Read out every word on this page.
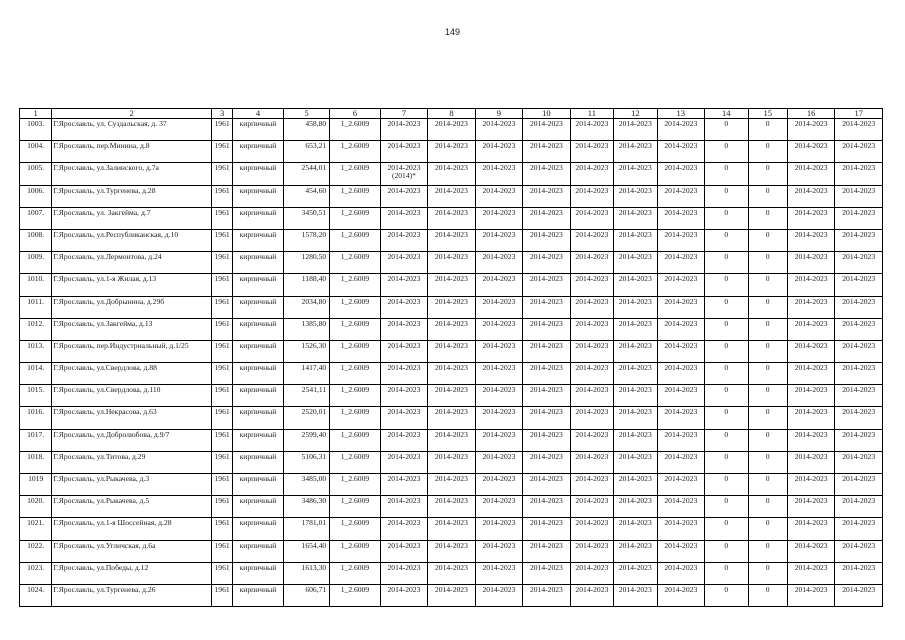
149
1	2	3	4	5	6	7	8	9	10	11	12	13	14	15	16	17
1003.	Г.Ярославль, ул. Суздальская, д. 37	1961	кирпичный	458,80	1_2.6009	2014-2023	2014-2023	2014-2023	2014-2023	2014-2023	2014-2023	2014-2023	0	0	2014-2023	2014-2023
1004.	Г.Ярославль, пер.Минина, д.8	1961	кирпичный	653,21	1_2.6009	2014-2023	2014-2023	2014-2023	2014-2023	2014-2023	2014-2023	2014-2023	0	0	2014-2023	2014-2023
1005.	Г.Ярославль, ул.Залинского, д.7а	1961	кирпичный	2544,01	1_2.6009	2014-2023
(2014)*	2014-2023	2014-2023	2014-2023	2014-2023	2014-2023	2014-2023	0	0	2014-2023	2014-2023
1006.	Г.Ярославль, ул.Тургенева, д.28	1961	кирпичный	454,60	1_2.6009	2014-2023	2014-2023	2014-2023	2014-2023	2014-2023	2014-2023	2014-2023	0	0	2014-2023	2014-2023
1007.	Г.Ярославль, ул. Закгейма, д.7	1961	кирпичный	3450,51	1_2.6009	2014-2023	2014-2023	2014-2023	2014-2023	2014-2023	2014-2023	2014-2023	0	0	2014-2023	2014-2023
1008.	Г.Ярославль, ул.Республиканская, д.10	1961	кирпичный	1578,20	1_2.6009	2014-2023	2014-2023	2014-2023	2014-2023	2014-2023	2014-2023	2014-2023	0	0	2014-2023	2014-2023
1009.	Г.Ярославль, ул.Лермонтова, д.24	1961	кирпичный	1280,50	1_2.6009	2014-2023	2014-2023	2014-2023	2014-2023	2014-2023	2014-2023	2014-2023	0	0	2014-2023	2014-2023
1010.	Г.Ярославль, ул.1-я Жилая, д.13	1961	кирпичный	1188,40	1_2.6009	2014-2023	2014-2023	2014-2023	2014-2023	2014-2023	2014-2023	2014-2023	0	0	2014-2023	2014-2023
1011.	Г.Ярославль, ул.Добрынина, д.29б	1961	кирпичный	2034,80	1_2.6009	2014-2023	2014-2023	2014-2023	2014-2023	2014-2023	2014-2023	2014-2023	0	0	2014-2023	2014-2023
1012.	Г.Ярославль, ул.Закгейма, д.13	1961	кирпичный	1385,80	1_2.6009	2014-2023	2014-2023	2014-2023	2014-2023	2014-2023	2014-2023	2014-2023	0	0	2014-2023	2014-2023
1013.	Г.Ярославль, пер.Индустриальный, д.1/25	1961	кирпичный	1526,30	1_2.6009	2014-2023	2014-2023	2014-2023	2014-2023	2014-2023	2014-2023	2014-2023	0	0	2014-2023	2014-2023
1014.	Г.Ярославль, ул.Свердлова, д.88	1961	кирпичный	1417,40	1_2.6009	2014-2023	2014-2023	2014-2023	2014-2023	2014-2023	2014-2023	2014-2023	0	0	2014-2023	2014-2023
1015.	Г.Ярославль, ул.Свердлова, д.110	1961	кирпичный	2541,11	1_2.6009	2014-2023	2014-2023	2014-2023	2014-2023	2014-2023	2014-2023	2014-2023	0	0	2014-2023	2014-2023
1016.	Г.Ярославль, ул.Некрасова, д.63	1961	кирпичный	2520,01	1_2.6009	2014-2023	2014-2023	2014-2023	2014-2023	2014-2023	2014-2023	2014-2023	0	0	2014-2023	2014-2023
1017.	Г.Ярославль, ул.Добролюбова, д.9/7	1961	кирпичный	2599,40	1_2.6009	2014-2023	2014-2023	2014-2023	2014-2023	2014-2023	2014-2023	2014-2023	0	0	2014-2023	2014-2023
1018.	Г.Ярославль, ул.Титова, д.29	1961	кирпичный	5106,31	1_2.6009	2014-2023	2014-2023	2014-2023	2014-2023	2014-2023	2014-2023	2014-2023	0	0	2014-2023	2014-2023
1019	Г.Ярославль, ул.Рыкачева, д.3	1961	кирпичный	3485,00	1_2.6009	2014-2023	2014-2023	2014-2023	2014-2023	2014-2023	2014-2023	2014-2023	0	0	2014-2023	2014-2023
1020.	Г.Ярославль, ул.Рыкачева, д.5	1961	кирпичный	3486,30	1_2.6009	2014-2023	2014-2023	2014-2023	2014-2023	2014-2023	2014-2023	2014-2023	0	0	2014-2023	2014-2023
1021.	Г.Ярославль, ул.1-я Шоссейная, д.28	1961	кирпичный	1781,01	1_2.6009	2014-2023	2014-2023	2014-2023	2014-2023	2014-2023	2014-2023	2014-2023	0	0	2014-2023	2014-2023
1022.	Г.Ярославль, ул.Угличская, д.6а	1961	кирпичный	1654,40	1_2.6009	2014-2023	2014-2023	2014-2023	2014-2023	2014-2023	2014-2023	2014-2023	0	0	2014-2023	2014-2023
1023.	Г.Ярославль, ул.Победы, д.12	1961	кирпичный	1613,30	1_2.6009	2014-2023	2014-2023	2014-2023	2014-2023	2014-2023	2014-2023	2014-2023	0	0	2014-2023	2014-2023
1024.	Г.Ярославль, ул.Тургенева, д.26	1961	кирпичный	606,71	1_2.6009	2014-2023	2014-2023	2014-2023	2014-2023	2014-2023	2014-2023	2014-2023	0	0	2014-2023	2014-2023
